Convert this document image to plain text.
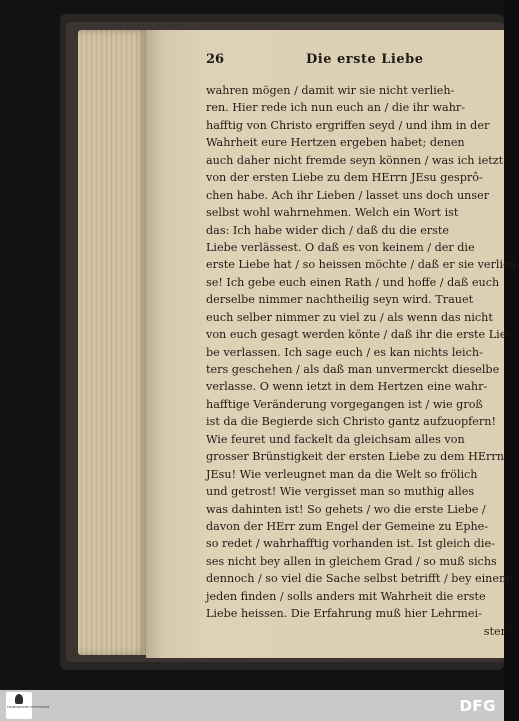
26	Die erste Liebe
wahren mögen / damit wir sie nicht verlieh-
ren. Hier rede ich nun euch an / die ihr wahr-
hafftig von Christo ergriffen seyd / und ihm in der
Wahrheit eure Hertzen ergeben habet; denen
auch daher nicht fremde seyn können / was ich ietzt
von der ersten Liebe zu dem HErrn JEsu gesprô-
chen habe. Ach ihr Lieben / lasset uns doch unser
selbst wohl wahrnehmen. Welch ein Wort ist
das: Ich habe wider dich / daß du die erste
Liebe verlässest. O daß es von keinem / der die
erste Liebe hat / so heissen möchte / daß er sie verlies-
se! Ich gebe euch einen Rath / und hoffe / daß euch
derselbe nimmer nachtheilig seyn wird. Trauet
euch selber nimmer zu viel zu / als wenn das nicht
von euch gesagt werden könte / daß ihr die erste Lie-
be verlassen. Ich sage euch / es kan nichts leich-
ters geschehen / als daß man unvermerckt dieselbe
verlasse. O wenn ietzt in dem Hertzen eine wahr-
hafftige Veränderung vorgegangen ist / wie groß
ist da die Begierde sich Christo gantz aufzuopfern!
Wie feuret und fackelt da gleichsam alles von
grosser Brünstigkeit der ersten Liebe zu dem HErrn
JEsu! Wie verleugnet man da die Welt so frölich
und getrost! Wie vergisset man so muthig alles
was dahinten ist! So gehets / wo die erste Liebe /
davon der HErr zum Engel der Gemeine zu Ephe-
so redet / wahrhafftig vorhanden ist. Ist gleich die-
ses nicht bey allen in gleichem Grad / so muß sichs
dennoch / so viel die Sache selbst betrifft / bey einem
jeden finden / solls anders mit Wahrheit die erste
Liebe heissen. Die Erfahrung muß hier Lehrmei-
ster
FRANCKESCHE STIFTUNGEN	DFG
